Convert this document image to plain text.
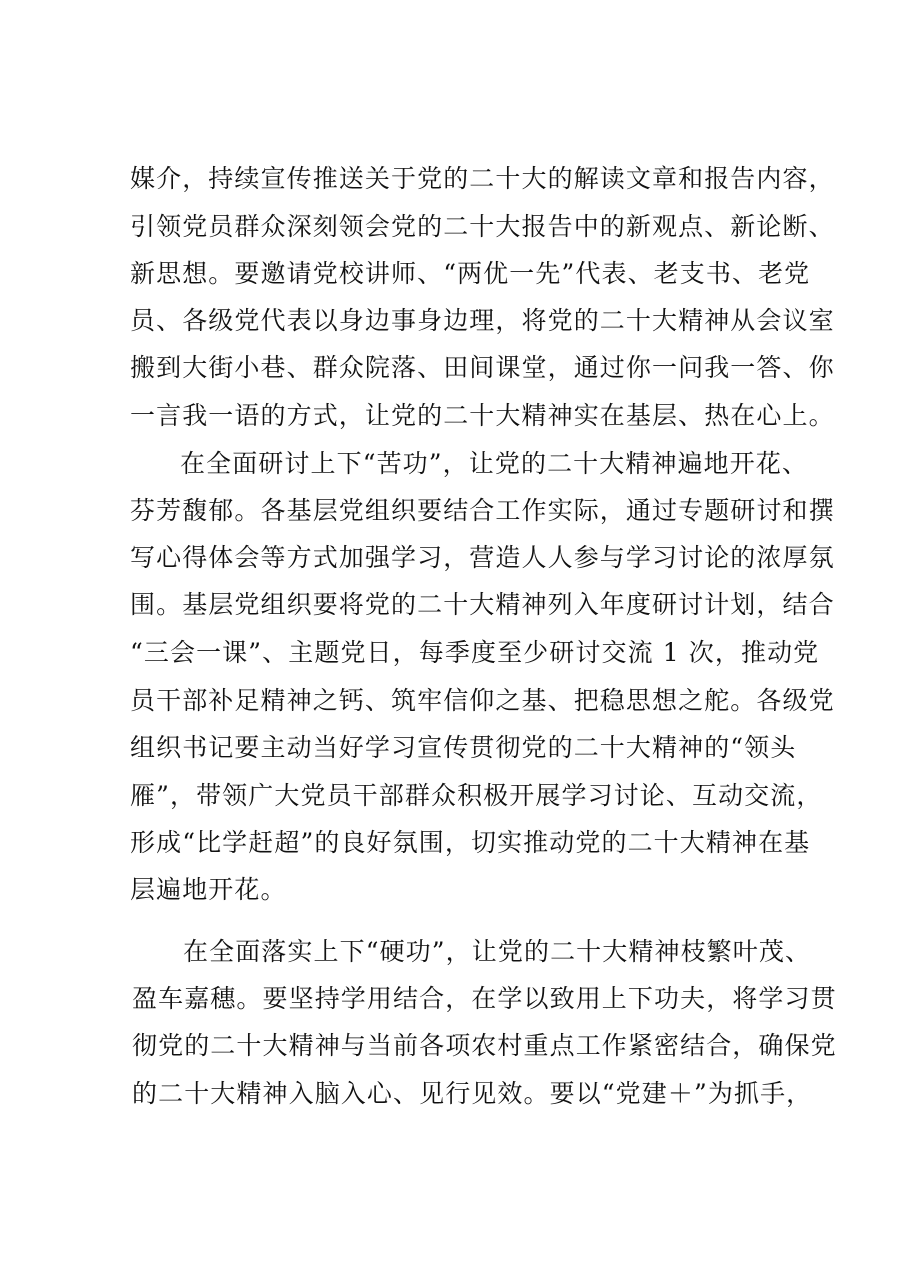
媒介，持续宣传推送关于党的二十大的解读文章和报告内容，
引领党员群众深刻领会党的二十大报告中的新观点、新论断、
新思想。要邀请党校讲师、“两优一先”代表、老支书、老党
员、各级党代表以身边事身边理，将党的二十大精神从会议室
搬到大街小巷、群众院落、田间课堂，通过你一问我一答、你
一言我一语的方式，让党的二十大精神实在基层、热在心上。
在全面研讨上下“苦功”，让党的二十大精神遍地开花、
芬芳馥郁。各基层党组织要结合工作实际，通过专题研讨和撰
写心得体会等方式加强学习，营造人人参与学习讨论的浓厚氛
围。基层党组织要将党的二十大精神列入年度研讨计划，结合
“三会一课”、主题党日，每季度至少研讨交流 1 次，推动党
员干部补足精神之钙、筑牢信仰之基、把稳思想之舵。各级党
组织书记要主动当好学习宣传贯彻党的二十大精神的“领头
雁”，带领广大党员干部群众积极开展学习讨论、互动交流，
形成“比学赶超”的良好氛围，切实推动党的二十大精神在基
层遍地开花。
在全面落实上下“硬功”，让党的二十大精神枝繁叶茂、
盈车嘉穗。要坚持学用结合，在学以致用上下功夫，将学习贯
彻党的二十大精神与当前各项农村重点工作紧密结合，确保党
的二十大精神入脑入心、见行见效。要以“党建＋”为抓手，
